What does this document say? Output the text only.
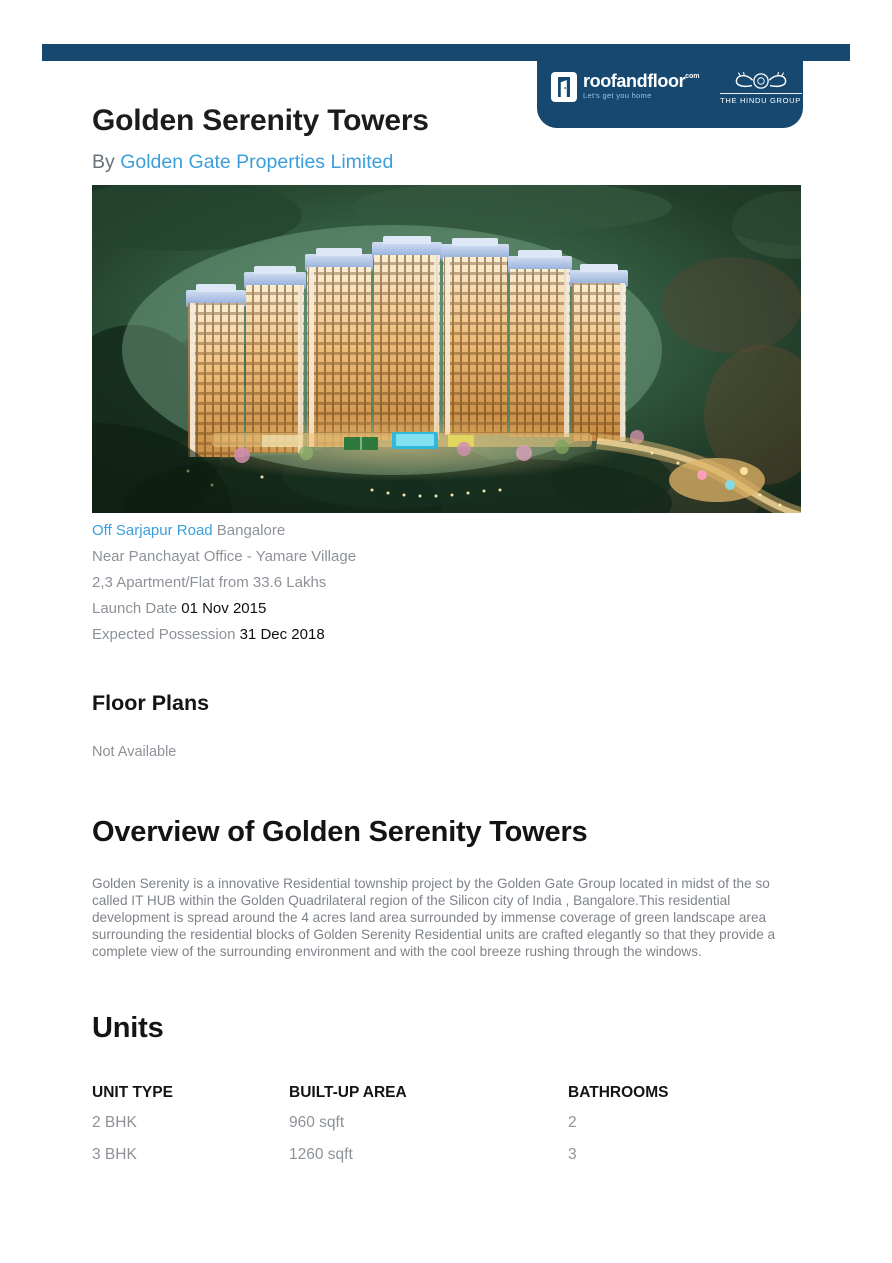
roofandfloor$^{.com}$
Let's get you home	THE HINDU GROUP
Golden Serenity Towers

By Golden Gate Properties Limited

Off Sarjapur Road Bangalore

Near Panchayat Office - Yamare Village

2,3 Apartment/Flat from 33.6 Lakhs

Launch Date 01 Nov 2015

Expected Possession 31 Dec 2018

Floor Plans

Not Available

Overview of Golden Serenity Towers

Golden Serenity is a innovative Residential township project by the Golden Gate Group located in midst of the so called IT HUB within the Golden Quadrilateral region of the Silicon city of India , Bangalore.This residential development is spread around the 4 acres land area surrounded by immense coverage of green landscape area surrounding the residential blocks of Golden Serenity Residential units are crafted elegantly so that they provide a complete view of the surrounding environment and with the cool breeze rushing through the windows.

Units
UNIT TYPE	BUILT-UP AREA	BATHROOMS
2 BHK	960 sqft	2
3 BHK	1260 sqft	3
